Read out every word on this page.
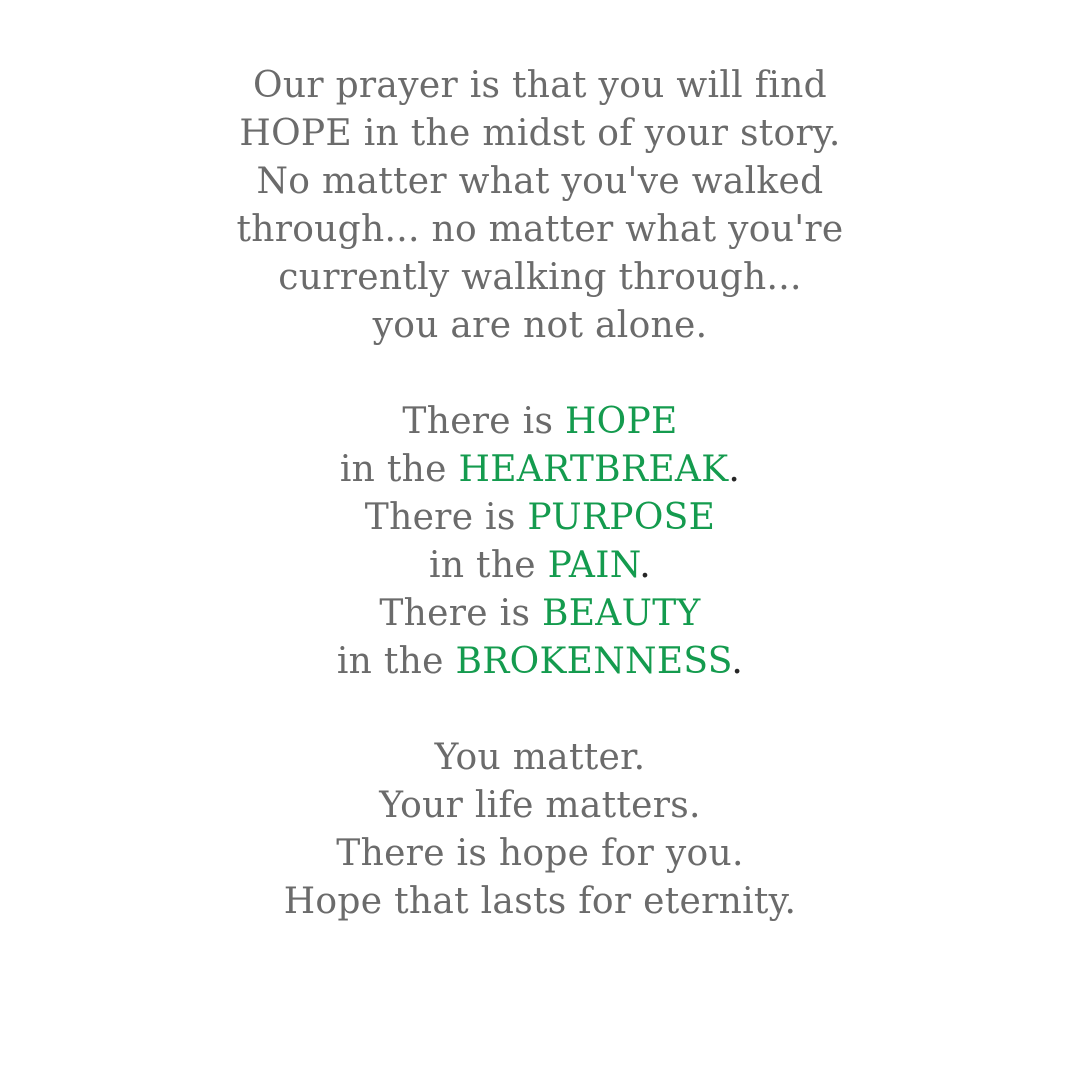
Our prayer is that you will find
HOPE in the midst of your story.
No matter what you've walked
through... no matter what you're
currently walking through...
you are not alone.

There is HOPE
in the HEARTBREAK.
There is PURPOSE
in the PAIN.
There is BEAUTY
in the BROKENNESS.

You matter.
Your life matters.
There is hope for you.
Hope that lasts for eternity.
